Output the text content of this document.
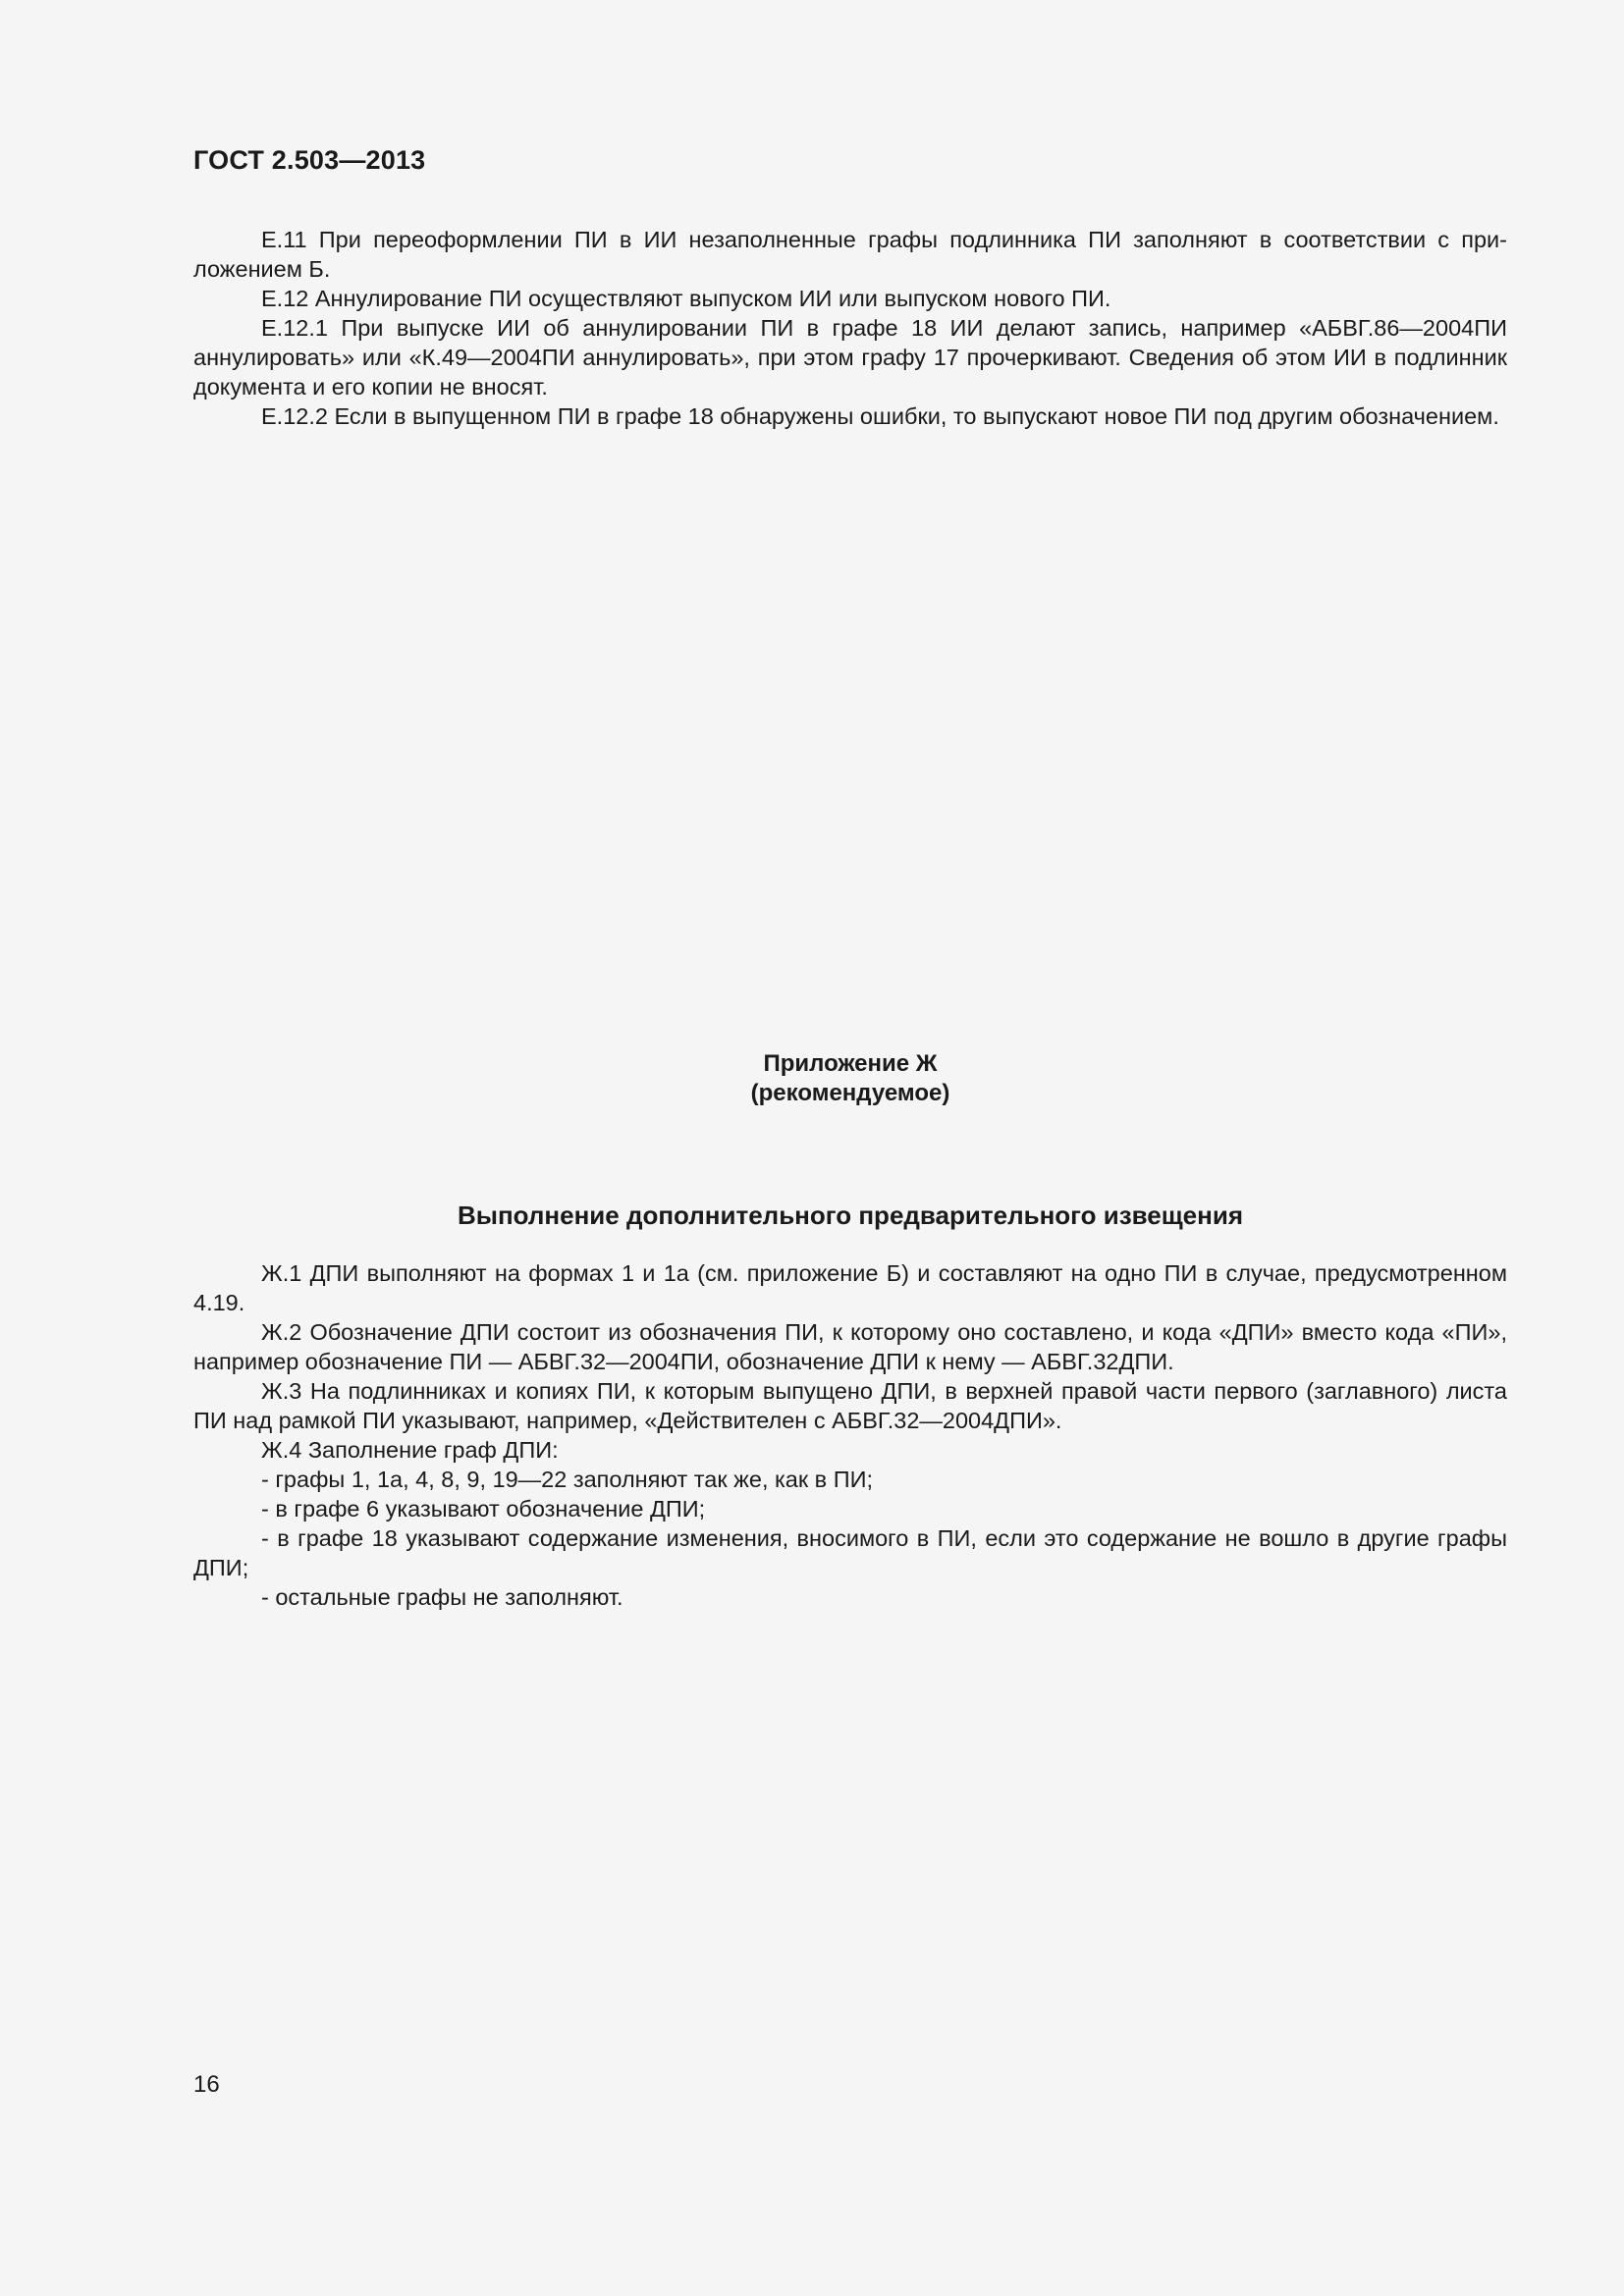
ГОСТ 2.503—2013

Е.11 При переоформлении ПИ в ИИ незаполненные графы подлинника ПИ заполняют в соответствии с приложением Б.

Е.12 Аннулирование ПИ осуществляют выпуском ИИ или выпуском нового ПИ.

Е.12.1 При выпуске ИИ об аннулировании ПИ в графе 18 ИИ делают запись, например «АБВГ.86—2004ПИ аннулировать» или «К.49—2004ПИ аннулировать», при этом графу 17 прочеркивают. Сведения об этом ИИ в подлинник документа и его копии не вносят.

Е.12.2 Если в выпущенном ПИ в графе 18 обнаружены ошибки, то выпускают новое ПИ под другим обозначением.

Приложение Ж
(рекомендуемое)
Выполнение дополнительного предварительного извещения

Ж.1 ДПИ выполняют на формах 1 и 1а (см. приложение Б) и составляют на одно ПИ в случае, предусмотренном 4.19.

Ж.2 Обозначение ДПИ состоит из обозначения ПИ, к которому оно составлено, и кода «ДПИ» вместо кода «ПИ», например обозначение ПИ — АБВГ.32—2004ПИ, обозначение ДПИ к нему — АБВГ.32ДПИ.

Ж.3 На подлинниках и копиях ПИ, к которым выпущено ДПИ, в верхней правой части первого (заглавного) листа ПИ над рамкой ПИ указывают, например, «Действителен с АБВГ.32—2004ДПИ».

Ж.4 Заполнение граф ДПИ:

- графы 1, 1а, 4, 8, 9, 19—22 заполняют так же, как в ПИ;

- в графе 6 указывают обозначение ДПИ;

- в графе 18 указывают содержание изменения, вносимого в ПИ, если это содержание не вошло в другие графы ДПИ;

- остальные графы не заполняют.

16
